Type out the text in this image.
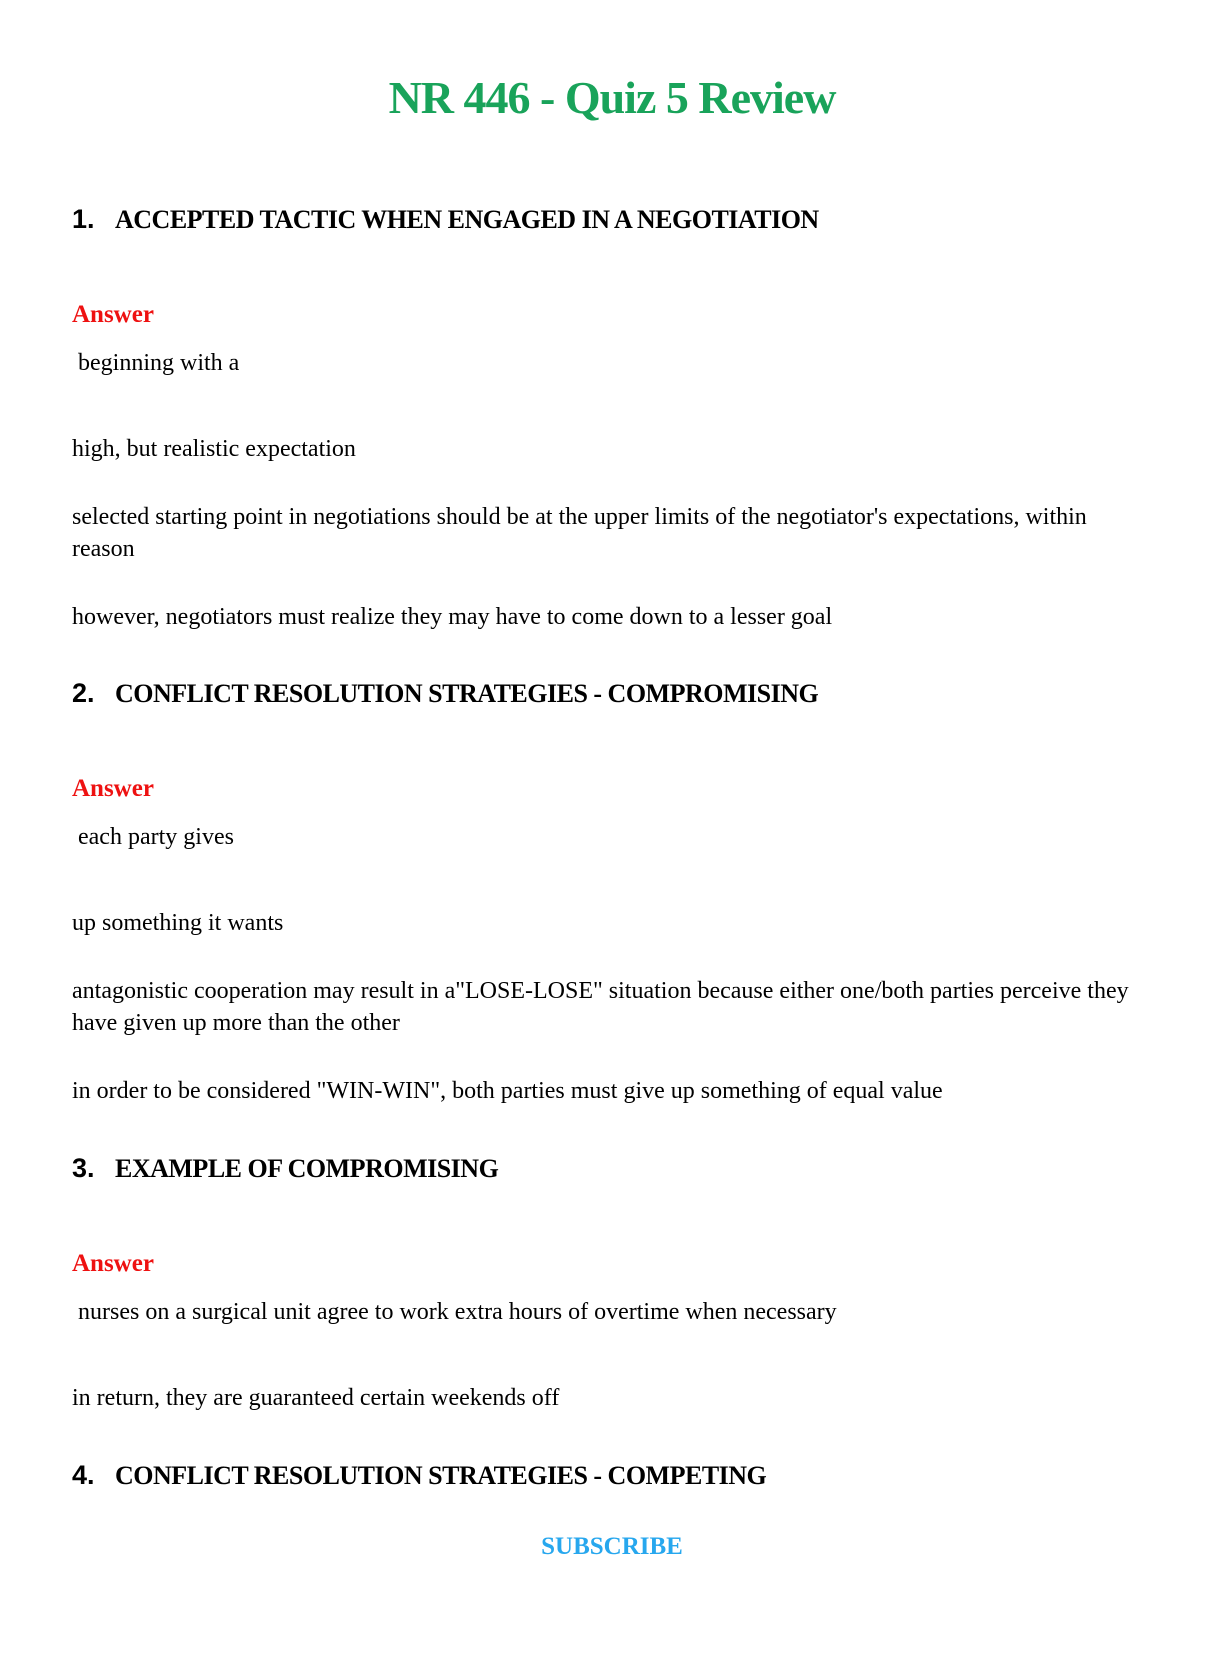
NR 446 - Quiz 5 Review
1. ACCEPTED TACTIC WHEN ENGAGED IN A NEGOTIATION

Answer

beginning with a

high, but realistic expectation

selected starting point in negotiations should be at the upper limits of the negotiator's expectations, within reason

however, negotiators must realize they may have to come down to a lesser goal

2. CONFLICT RESOLUTION STRATEGIES - COMPROMISING

Answer

each party gives

up something it wants

antagonistic cooperation may result in a"LOSE-LOSE" situation because either one/both parties perceive they have given up more than the other

in order to be considered "WIN-WIN", both parties must give up something of equal value

3. EXAMPLE OF COMPROMISING

Answer

nurses on a surgical unit agree to work extra hours of overtime when necessary

in return, they are guaranteed certain weekends off

4. CONFLICT RESOLUTION STRATEGIES - COMPETING
SUBSCRIBE
